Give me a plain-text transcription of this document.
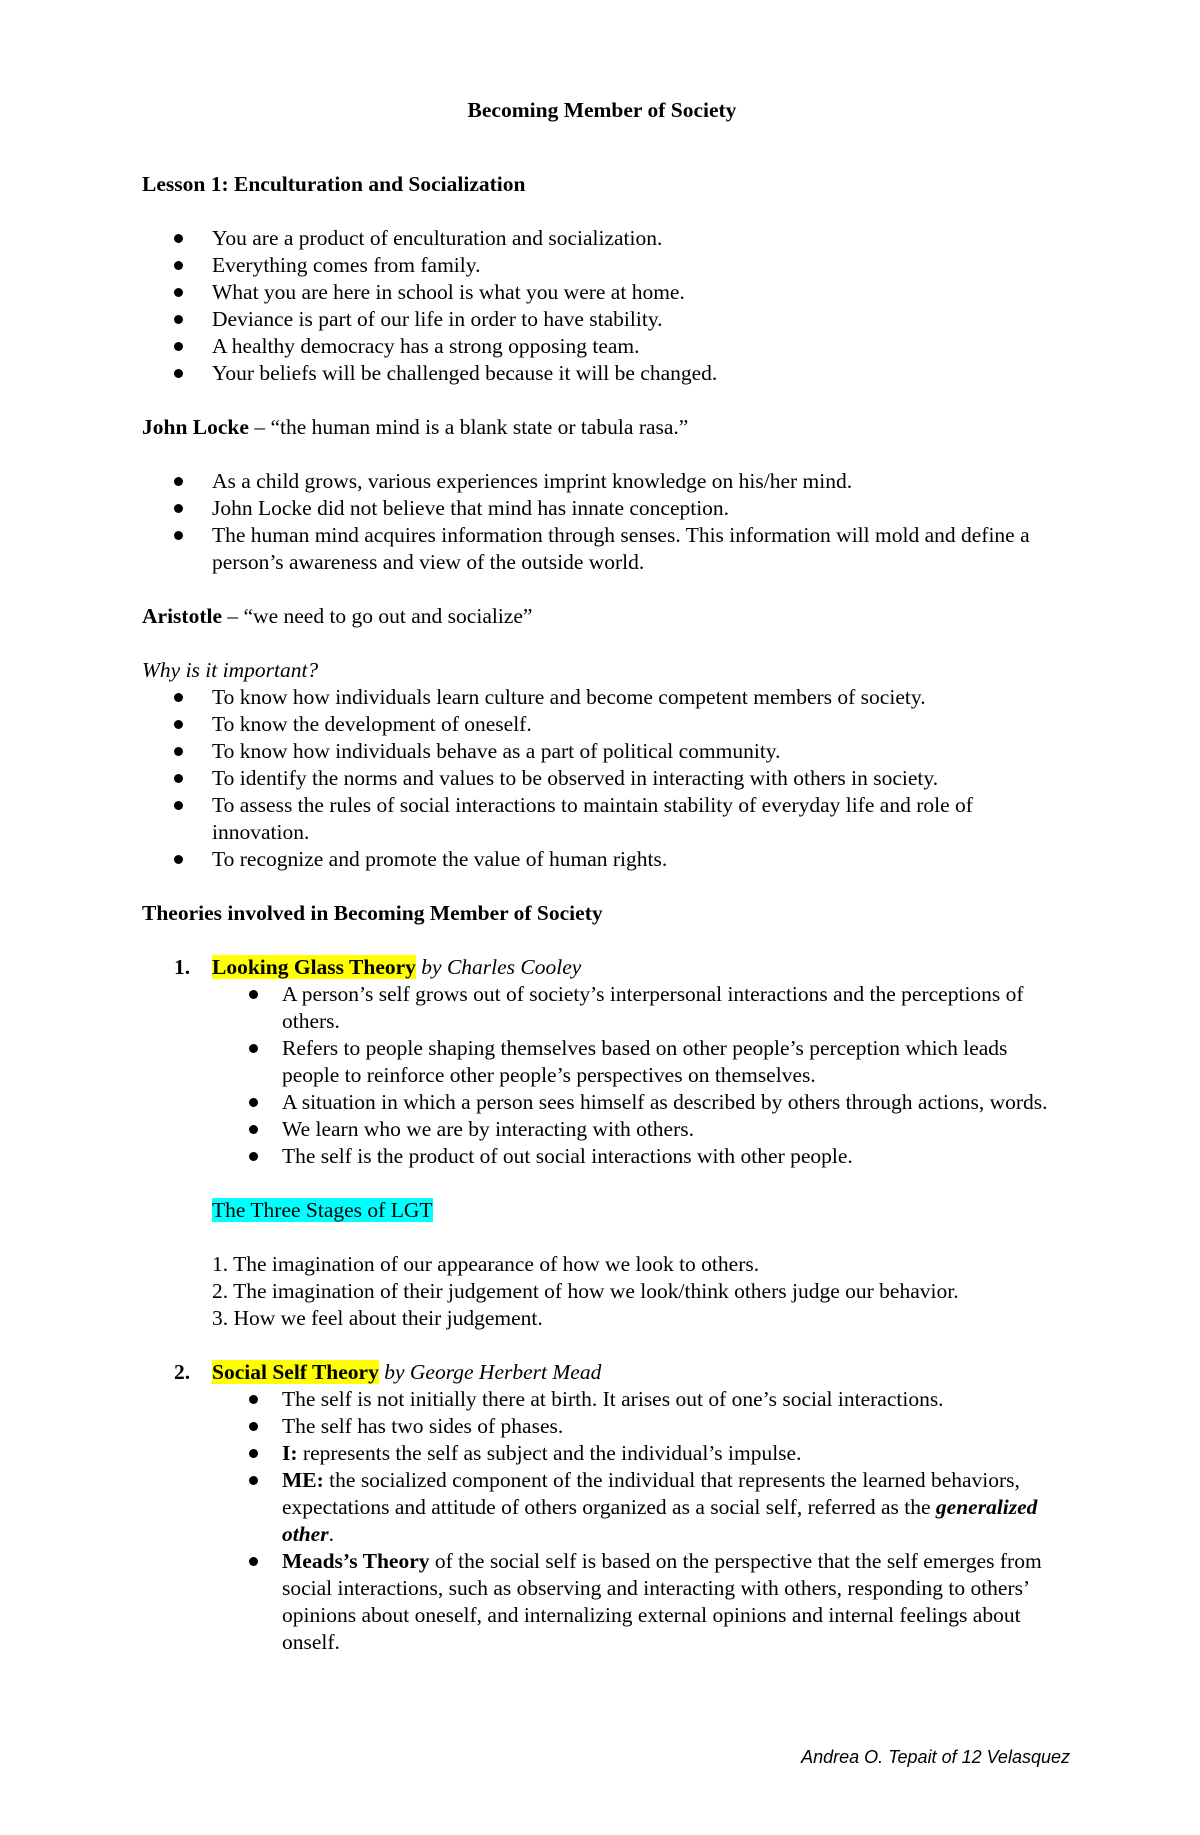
Becoming Member of Society

Lesson 1: Enculturation and Socialization

You are a product of enculturation and socialization.
Everything comes from family.
What you are here in school is what you were at home.
Deviance is part of our life in order to have stability.
A healthy democracy has a strong opposing team.
Your beliefs will be challenged because it will be changed.

John Locke – “the human mind is a blank state or tabula rasa.”

As a child grows, various experiences imprint knowledge on his/her mind.
John Locke did not believe that mind has innate conception.
The human mind acquires information through senses. This information will mold and define a person’s awareness and view of the outside world.

Aristotle – “we need to go out and socialize”

Why is it important?

To know how individuals learn culture and become competent members of society.
To know the development of oneself.
To know how individuals behave as a part of political community.
To identify the norms and values to be observed in interacting with others in society.
To assess the rules of social interactions to maintain stability of everyday life and role of innovation.
To recognize and promote the value of human rights.

Theories involved in Becoming Member of Society

1. Looking Glass Theory by Charles Cooley

A person’s self grows out of society’s interpersonal interactions and the perceptions of others.
Refers to people shaping themselves based on other people’s perception which leads people to reinforce other people’s perspectives on themselves.
A situation in which a person sees himself as described by others through actions, words.
We learn who we are by interacting with others.
The self is the product of out social interactions with other people.

The Three Stages of LGT

1. The imagination of our appearance of how we look to others.

2. The imagination of their judgement of how we look/think others judge our behavior.

3. How we feel about their judgement.

2. Social Self Theory by George Herbert Mead

The self is not initially there at birth. It arises out of one’s social interactions.
The self has two sides of phases.
I: represents the self as subject and the individual’s impulse.
ME: the socialized component of the individual that represents the learned behaviors, expectations and attitude of others organized as a social self, referred as the generalized other.
Meads’s Theory of the social self is based on the perspective that the self emerges from social interactions, such as observing and interacting with others, responding to others’ opinions about oneself, and internalizing external opinions and internal feelings about onself.
Andrea O. Tepait of 12 Velasquez
